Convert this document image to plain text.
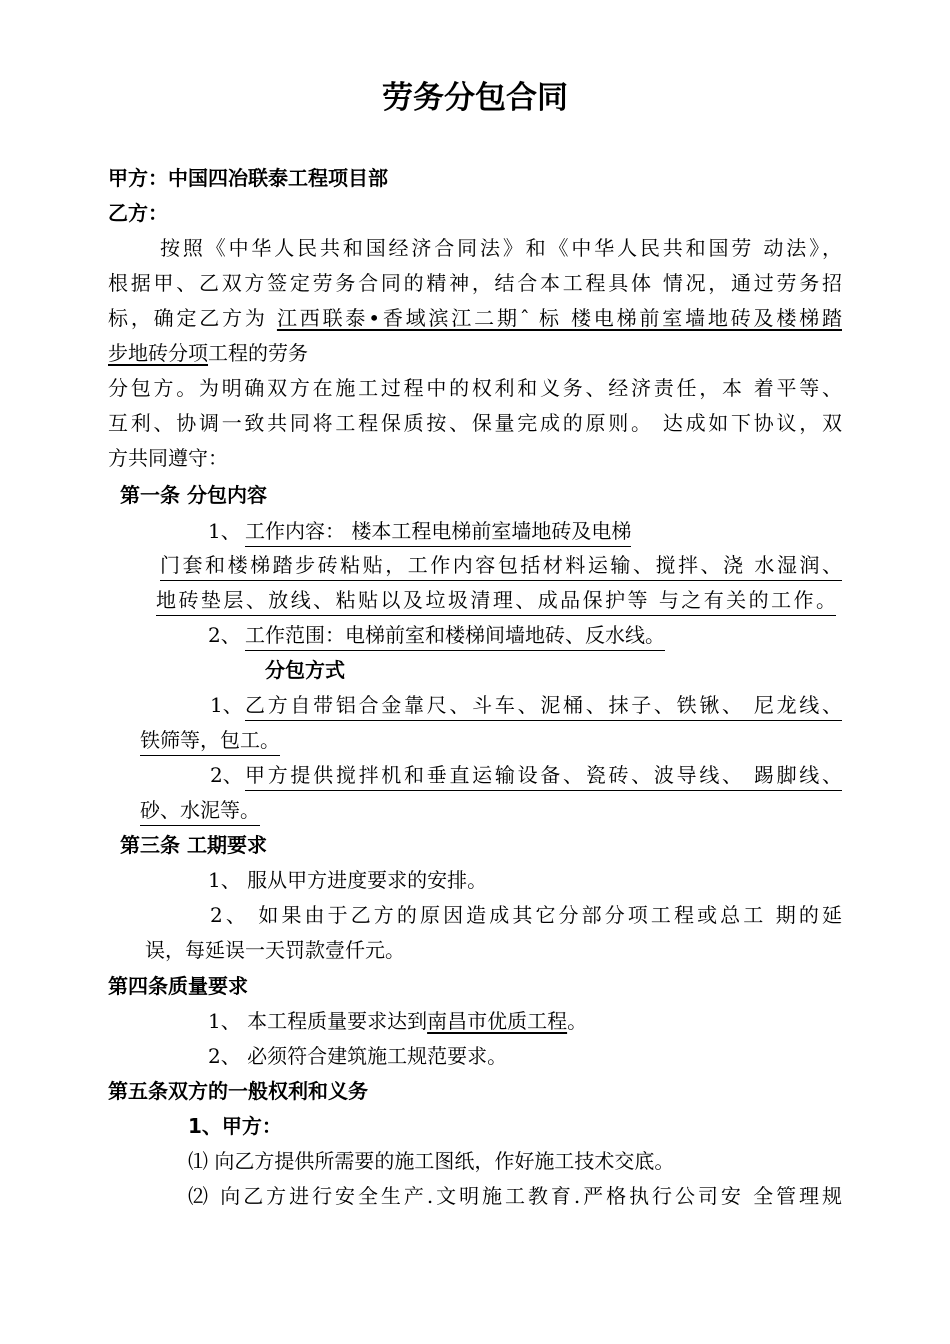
劳务分包合同
甲方：中国四冶联泰工程项目部
乙方：
按照《中华人民共和国经济合同法》和《中华人民共和国劳 动法》，
根据甲、乙双方签定劳务合同的精神，结合本工程具体 情况，通过劳务招
标，确定乙方为 江西联泰•香域滨江二期ˆ 标 楼电梯前室墙地砖及楼梯踏
步地砖分项工程的劳务
分包方。为明确双方在施工过程中的权利和义务、经济责任，本 着平等、
互利、协调一致共同将工程保质按、保量完成的原则。 达成如下协议，双
方共同遵守：
第一条 分包内容
1、 工作内容： 楼本工程电梯前室墙地砖及电梯
门套和楼梯踏步砖粘贴，工作内容包括材料运输、搅拌、浇 水湿润、
地砖垫层、放线、粘贴以及垃圾清理、成品保护等 与之有关的工作。
2、 工作范围：电梯前室和楼梯间墙地砖、反水线。
分包方式
1、 乙方自带铝合金靠尺、斗车、泥桶、抹子、铁锹、 尼龙线、
铁筛等，包工。
2、 甲方提供搅拌机和垂直运输设备、瓷砖、波导线、 踢脚线、
砂、水泥等。
第三条 工期要求
1、 服从甲方进度要求的安排。
2、 如果由于乙方的原因造成其它分部分项工程或总工 期的延
误，每延误一天罚款壹仟元。
第四条质量要求
1、 本工程质量要求达到南昌市优质工程。
2、 必须符合建筑施工规范要求。
第五条双方的一般权利和义务
1、甲方：
⑴ 向乙方提供所需要的施工图纸，作好施工技术交底。
⑵ 向乙方进行安全生产.文明施工教育.严格执行公司安 全管理规
